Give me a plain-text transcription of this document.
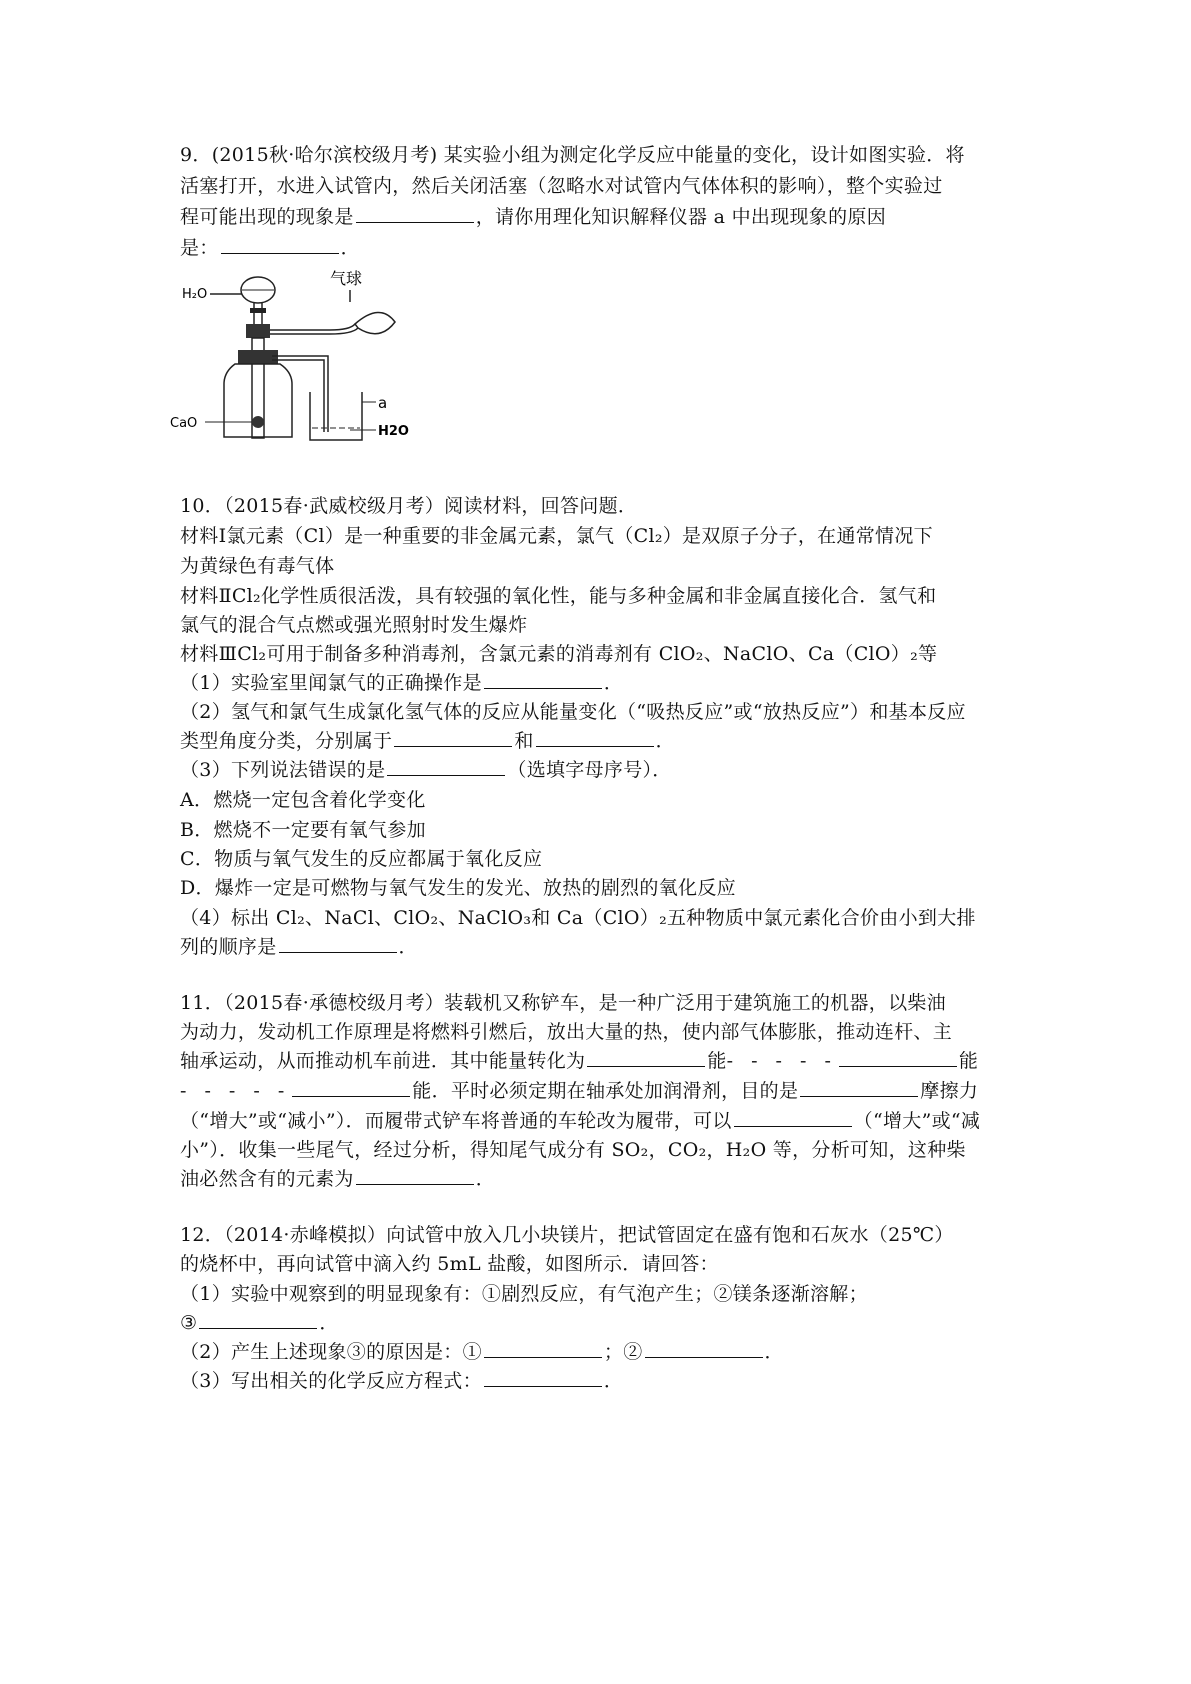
9．(2015秋·哈尔滨校级月考) 某实验小组为测定化学反应中能量的变化，设计如图实验．将
活塞打开，水进入试管内，然后关闭活塞（忽略水对试管内气体体积的影响），整个实验过
程可能出现的现象是	，请你用理化知识解释仪器 a 中出现现象的原因
是：	．
H₂O
气球
CaO
a
H2O
10．（2015春·武威校级月考）阅读材料，回答问题．
材料Ⅰ氯元素（Cl）是一种重要的非金属元素，氯气（Cl₂）是双原子分子，在通常情况下
为黄绿色有毒气体
材料ⅡCl₂化学性质很活泼，具有较强的氧化性，能与多种金属和非金属直接化合．氢气和
氯气的混合气点燃或强光照射时发生爆炸
材料ⅢCl₂可用于制备多种消毒剂，含氯元素的消毒剂有 ClO₂、NaClO、Ca（ClO）₂等
（1）实验室里闻氯气的正确操作是	．
（2）氢气和氯气生成氯化氢气体的反应从能量变化（“吸热反应”或“放热反应”）和基本反应
类型角度分类，分别属于	和	．
（3）下列说法错误的是	（选填字母序号）．
A．燃烧一定包含着化学变化
B．燃烧不一定要有氧气参加
C．物质与氧气发生的反应都属于氧化反应
D．爆炸一定是可燃物与氧气发生的发光、放热的剧烈的氧化反应
（4）标出 Cl₂、NaCl、ClO₂、NaClO₃和 Ca（ClO）₂五种物质中氯元素化合价由小到大排
列的顺序是	．
11．（2015春·承德校级月考）装载机又称铲车，是一种广泛用于建筑施工的机器，以柴油
为动力，发动机工作原理是将燃料引燃后，放出大量的热，使内部气体膨胀，推动连杆、主
轴承运动，从而推动机车前进．其中能量转化为	能- - - - -	能
- - - - -	能．平时必须定期在轴承处加润滑剂，目的是	摩擦力
（“增大”或“减小”）．而履带式铲车将普通的车轮改为履带，可以	（“增大”或“减
小”）．收集一些尾气，经过分析，得知尾气成分有 SO₂，CO₂，H₂O 等，分析可知，这种柴
油必然含有的元素为	．
12．（2014·赤峰模拟）向试管中放入几小块镁片，把试管固定在盛有饱和石灰水（25℃）
的烧杯中，再向试管中滴入约 5mL 盐酸，如图所示．请回答：
（1）实验中观察到的明显现象有：①剧烈反应，有气泡产生；②镁条逐渐溶解；
③	．
（2）产生上述现象③的原因是：①	；②	．
（3）写出相关的化学反应方程式：	．
